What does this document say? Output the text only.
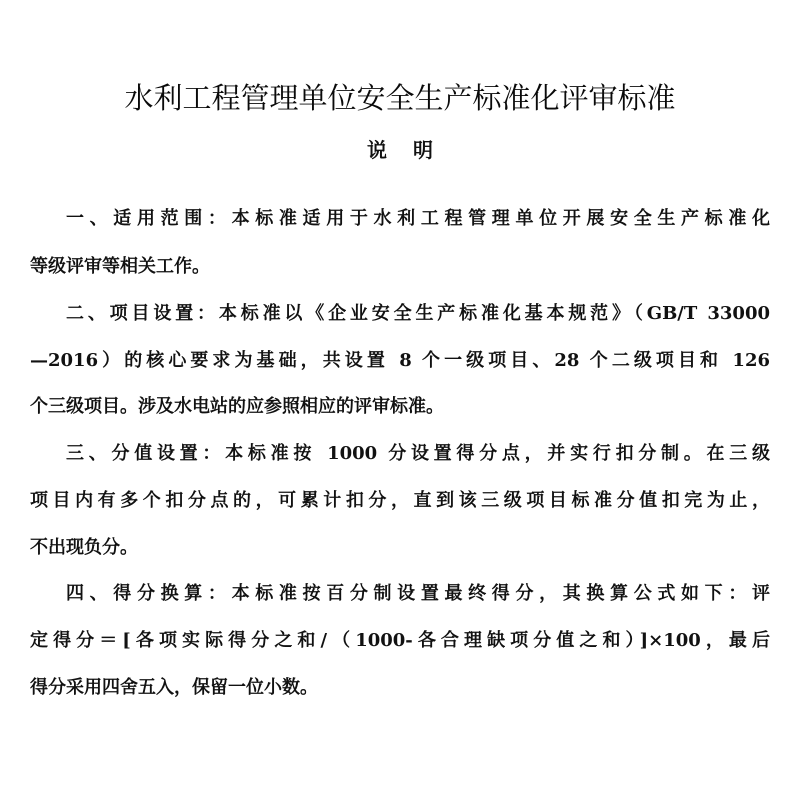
水利工程管理单位安全生产标准化评审标准
说 明

一、适用范围：本标准适用于水利工程管理单位开展安全生产标准化

等级评审等相关工作。

二、项目设置：本标准以《企业安全生产标准化基本规范》（GB/T 33000

—2016）的核心要求为基础，共设置 8 个一级项目、28 个二级项目和 126

个三级项目。涉及水电站的应参照相应的评审标准。

三、分值设置：本标准按 1000 分设置得分点，并实行扣分制。在三级

项目内有多个扣分点的，可累计扣分，直到该三级项目标准分值扣完为止，

不出现负分。

四、得分换算：本标准按百分制设置最终得分，其换算公式如下：评

定得分＝[各项实际得分之和/（1000-各合理缺项分值之和）]×100，最后

得分采用四舍五入，保留一位小数。
